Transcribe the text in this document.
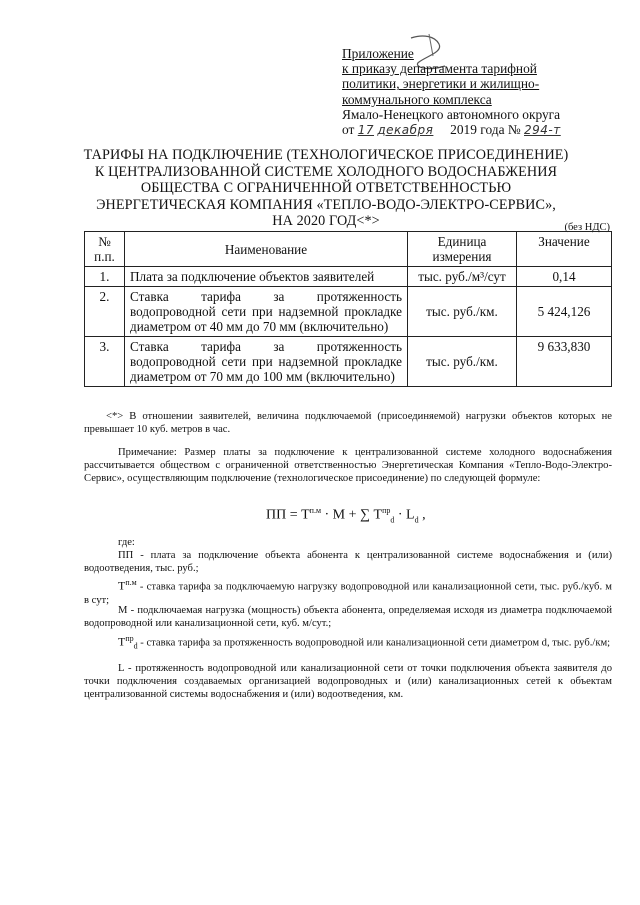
Приложение
к приказу департамента тарифной
политики, энергетики и жилищно-
коммунального комплекса
Ямало-Ненецкого автономного округа
от 17 декабря 2019 года № 294-т
ТАРИФЫ НА ПОДКЛЮЧЕНИЕ (ТЕХНОЛОГИЧЕСКОЕ ПРИСОЕДИНЕНИЕ)
К ЦЕНТРАЛИЗОВАННОЙ СИСТЕМЕ ХОЛОДНОГО ВОДОСНАБЖЕНИЯ
ОБЩЕСТВА С ОГРАНИЧЕННОЙ ОТВЕТСТВЕННОСТЬЮ
ЭНЕРГЕТИЧЕСКАЯ КОМПАНИЯ «ТЕПЛО-ВОДО-ЭЛЕКТРО-СЕРВИС»,
НА 2020 ГОД<*>	(без НДС)
№ п.п.	Наименование	Единица измерения	Значение
1.	Плата за подключение объектов заявителей	тыс. руб./м³/сут	0,14
2.	Ставка тарифа за протяженность водопроводной сети при надземной прокладке диаметром от 40 мм до 70 мм (включительно)	тыс. руб./км.	5 424,126
3.	Ставка тарифа за протяженность водопроводной сети при надземной прокладке диаметром от 70 мм до 100 мм (включительно)	тыс. руб./км.	9 633,830
<*> В отношении заявителей, величина подключаемой (присоединяемой) нагрузки объектов которых не превышает 10 куб. метров в час.

Примечание: Размер платы за подключение к централизованной системе холодного водоснабжения рассчитывается обществом с ограниченной ответственностью Энергетическая Компания «Тепло-Водо-Электро-Сервис», осуществляющим подключение (технологическое присоединение) по следующей формуле:

ПП = $Т^{п.м} \cdot М$ + ∑ $Т^{пр}_d \cdot L_d$ ,
где:
ПП - плата за подключение объекта абонента к централизованной системе водоснабжения и (или) водоотведения, тыс. руб.;
$Т^{п.м}$ - ставка тарифа за подключаемую нагрузку водопроводной или канализационной сети, тыс. руб./куб. м в сут;
М - подключаемая нагрузка (мощность) объекта абонента, определяемая исходя из диаметра подключаемой водопроводной или канализационной сети, куб. м/сут.;
$Т^{пр}_d$ - ставка тарифа за протяженность водопроводной или канализационной сети диаметром d, тыс. руб./км;
L - протяженность водопроводной или канализационной сети от точки подключения объекта заявителя до точки подключения создаваемых организацией водопроводных и (или) канализационных сетей к объектам централизованной системы водоснабжения и (или) водоотведения, км.
